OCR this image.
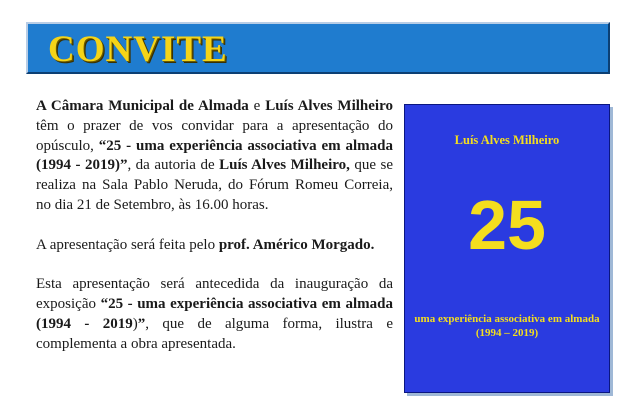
CONVITE

A Câmara Municipal de Almada e Luís Alves Milheiro têm o prazer de vos convidar para a apresentação do opúsculo, “25 - uma experiência associativa em almada (1994 - 2019)”, da autoria de Luís Alves Milheiro, que se realiza na Sala Pablo Neruda, do Fórum Romeu Correia, no dia 21 de Setembro, às 16.00 horas.

A apresentação será feita pelo prof. Américo Morgado.

Esta apresentação será antecedida da inauguração da exposição “25 - uma experiência associativa em almada (1994 - 2019)”, que de alguma forma, ilustra e complementa a obra apresentada.

Luís Alves Milheiro
25
uma experiência associativa em almada (1994 – 2019)
